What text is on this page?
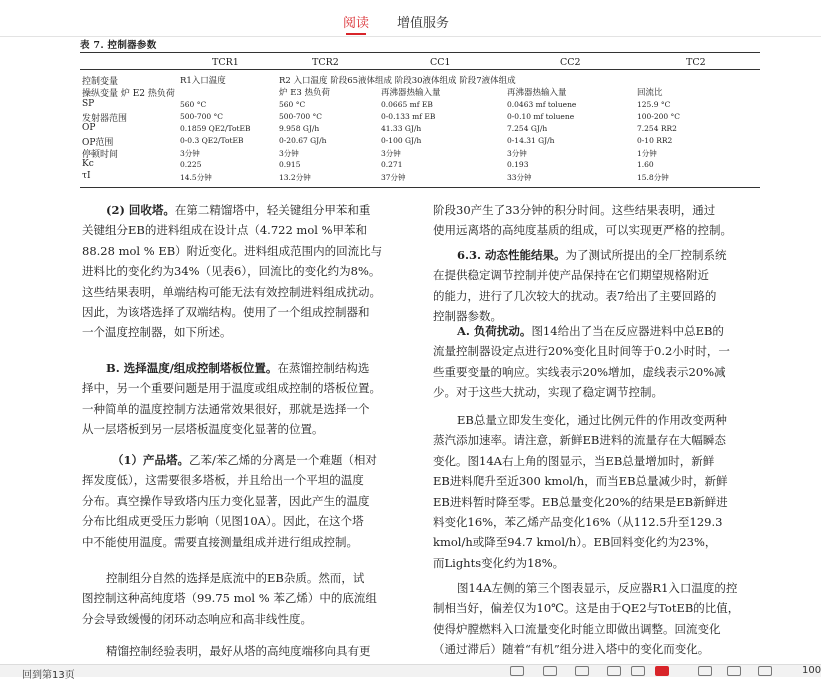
阅读 增值服务
表 7. 控制器参数
TCR1	TCR2	CC1	CC2	TC2
控制变量	R1入口温度	R2 入口温度 阶段65液体组成 阶段30液体组成 阶段7液体组成
操纵变量 炉 E2 热负荷	炉 E3 热负荷	再沸器热输入量	再沸器热输入量	回流比
SP	560 °C	560 °C	0.0665 mf EB	0.0463 mf toluene	125.9 °C
发射器范围	500-700 °C	500-700 °C	0-0.133 mf EB	0-0.10 mf toluene	100-200 °C
OP	0.1859 QE2/TotEB	9.958 GJ/h	41.33 GJ/h	7.254 GJ/h	7.254 RR2
OP范围	0-0.3 QE2/TotEB	0-20.67 GJ/h	0-100 GJ/h	0-14.31 GJ/h	0-10 RR2
停顿时间	3分钟	3分钟	3分钟	3分钟	1分钟
Kc	0.225	0.915	0.271	0.193	1.60
τI	14.5分钟	13.2分钟	37分钟	33分钟	15.8分钟
(2) 回收塔。在第二精馏塔中，轻关键组分甲苯和重
关键组分EB的进料组成在设计点（4.722 mol %甲苯和
88.28 mol % EB）附近变化。进料组成范围内的回流比与
进料比的变化约为34%（见表6），回流比的变化约为8%。
这些结果表明，单端结构可能无法有效控制进料组成扰动。
因此，为该塔选择了双端结构。使用了一个组成控制器和
一个温度控制器，如下所述。
B. 选择温度/组成控制塔板位置。在蒸馏控制结构选
择中，另一个重要问题是用于温度或组成控制的塔板位置。
一种简单的温度控制方法通常效果很好，那就是选择一个
从一层塔板到另一层塔板温度变化显著的位置。
（1）产品塔。乙苯/苯乙烯的分离是一个难题（相对
挥发度低），这需要很多塔板，并且给出一个平坦的温度
分布。真空操作导致塔内压力变化显著，因此产生的温度
分布比组成更受压力影响（见图10A）。因此，在这个塔
中不能使用温度。需要直接测量组成并进行组成控制。
控制组分自然的选择是底流中的EB杂质。然而，试
图控制这种高纯度塔（99.75 mol % 苯乙烯）中的底流组
分会导致缓慢的闭环动态响应和高非线性度。
精馏控制经验表明，最好从塔的高纯度端移向具有更
阶段30产生了33分钟的积分时间。这些结果表明，通过
使用远离塔的高纯度基质的组成，可以实现更严格的控制。
6.3. 动态性能结果。为了测试所提出的全厂控制系统
在提供稳定调节控制并使产品保持在它们期望规格附近
的能力，进行了几次较大的扰动。表7给出了主要回路的
控制器参数。
A. 负荷扰动。图14给出了当在反应器进料中总EB的
流量控制器设定点进行20%变化且时间等于0.2小时时，一
些重要变量的响应。实线表示20%增加，虚线表示20%减
少。对于这些大扰动，实现了稳定调节控制。
EB总量立即发生变化，通过比例元件的作用改变两种
蒸汽添加速率。请注意，新鲜EB进料的流量存在大幅瞬态
变化。图14A右上角的图显示，当EB总量增加时，新鲜
EB进料爬升至近300 kmol/h，而当EB总量减少时，新鲜
EB进料暂时降至零。EB总量变化20%的结果是EB新鲜进
料变化16%，苯乙烯产品变化16%（从112.5升至129.3
kmol/h或降至94.7 kmol/h）。EB回料变化约为23%，
而Lights变化约为18%。
图14A左侧的第三个图表显示，反应器R1入口温度的控
制相当好，偏差仅为10℃。这是由于QE2与TotEB的比值，
使得炉膛燃料入口流量变化时能立即做出调整。回流变化
（通过滞后）随着“有机”组分进入塔中的变化而变化。
回到第13页	100
